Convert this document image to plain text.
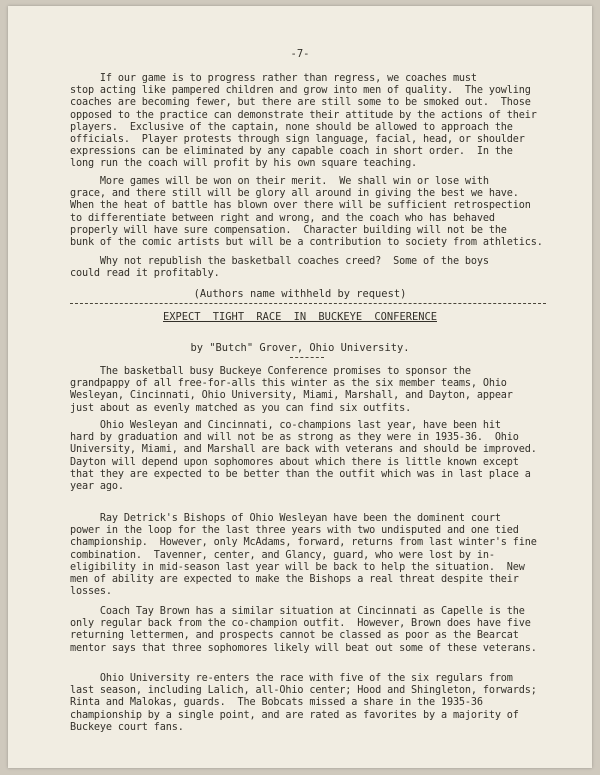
-7-
If our game is to progress rather than regress, we coaches must
stop acting like pampered children and grow into men of quality.  The yowling
coaches are becoming fewer, but there are still some to be smoked out.  Those
opposed to the practice can demonstrate their attitude by the actions of their
players.  Exclusive of the captain, none should be allowed to approach the
officials.  Player protests through sign language, facial, head, or shoulder
expressions can be eliminated by any capable coach in short order.  In the
long run the coach will profit by his own square teaching.
More games will be won on their merit.  We shall win or lose with
grace, and there still will be glory all around in giving the best we have.
When the heat of battle has blown over there will be sufficient retrospection
to differentiate between right and wrong, and the coach who has behaved
properly will have sure compensation.  Character building will not be the
bunk of the comic artists but will be a contribution to society from athletics.
Why not republish the basketball coaches creed?  Some of the boys
could read it profitably.
(Authors name withheld by request)
EXPECT TIGHT RACE IN BUCKEYE CONFERENCE
by "Butch" Grover, Ohio University.
The basketball busy Buckeye Conference promises to sponsor the
grandpappy of all free-for-alls this winter as the six member teams, Ohio
Wesleyan, Cincinnati, Ohio University, Miami, Marshall, and Dayton, appear
just about as evenly matched as you can find six outfits.
Ohio Wesleyan and Cincinnati, co-champions last year, have been hit
hard by graduation and will not be as strong as they were in 1935-36.  Ohio
University, Miami, and Marshall are back with veterans and should be improved.
Dayton will depend upon sophomores about which there is little known except
that they are expected to be better than the outfit which was in last place a
year ago.
Ray Detrick's Bishops of Ohio Wesleyan have been the dominent court
power in the loop for the last three years with two undisputed and one tied
championship.  However, only McAdams, forward, returns from last winter's fine
combination.  Tavenner, center, and Glancy, guard, who were lost by in-
eligibility in mid-season last year will be back to help the situation.  New
men of ability are expected to make the Bishops a real threat despite their
losses.
Coach Tay Brown has a similar situation at Cincinnati as Capelle is the
only regular back from the co-champion outfit.  However, Brown does have five
returning lettermen, and prospects cannot be classed as poor as the Bearcat
mentor says that three sophomores likely will beat out some of these veterans.
Ohio University re-enters the race with five of the six regulars from
last season, including Lalich, all-Ohio center; Hood and Shingleton, forwards;
Rinta and Malokas, guards.  The Bobcats missed a share in the 1935-36
championship by a single point, and are rated as favorites by a majority of
Buckeye court fans.
